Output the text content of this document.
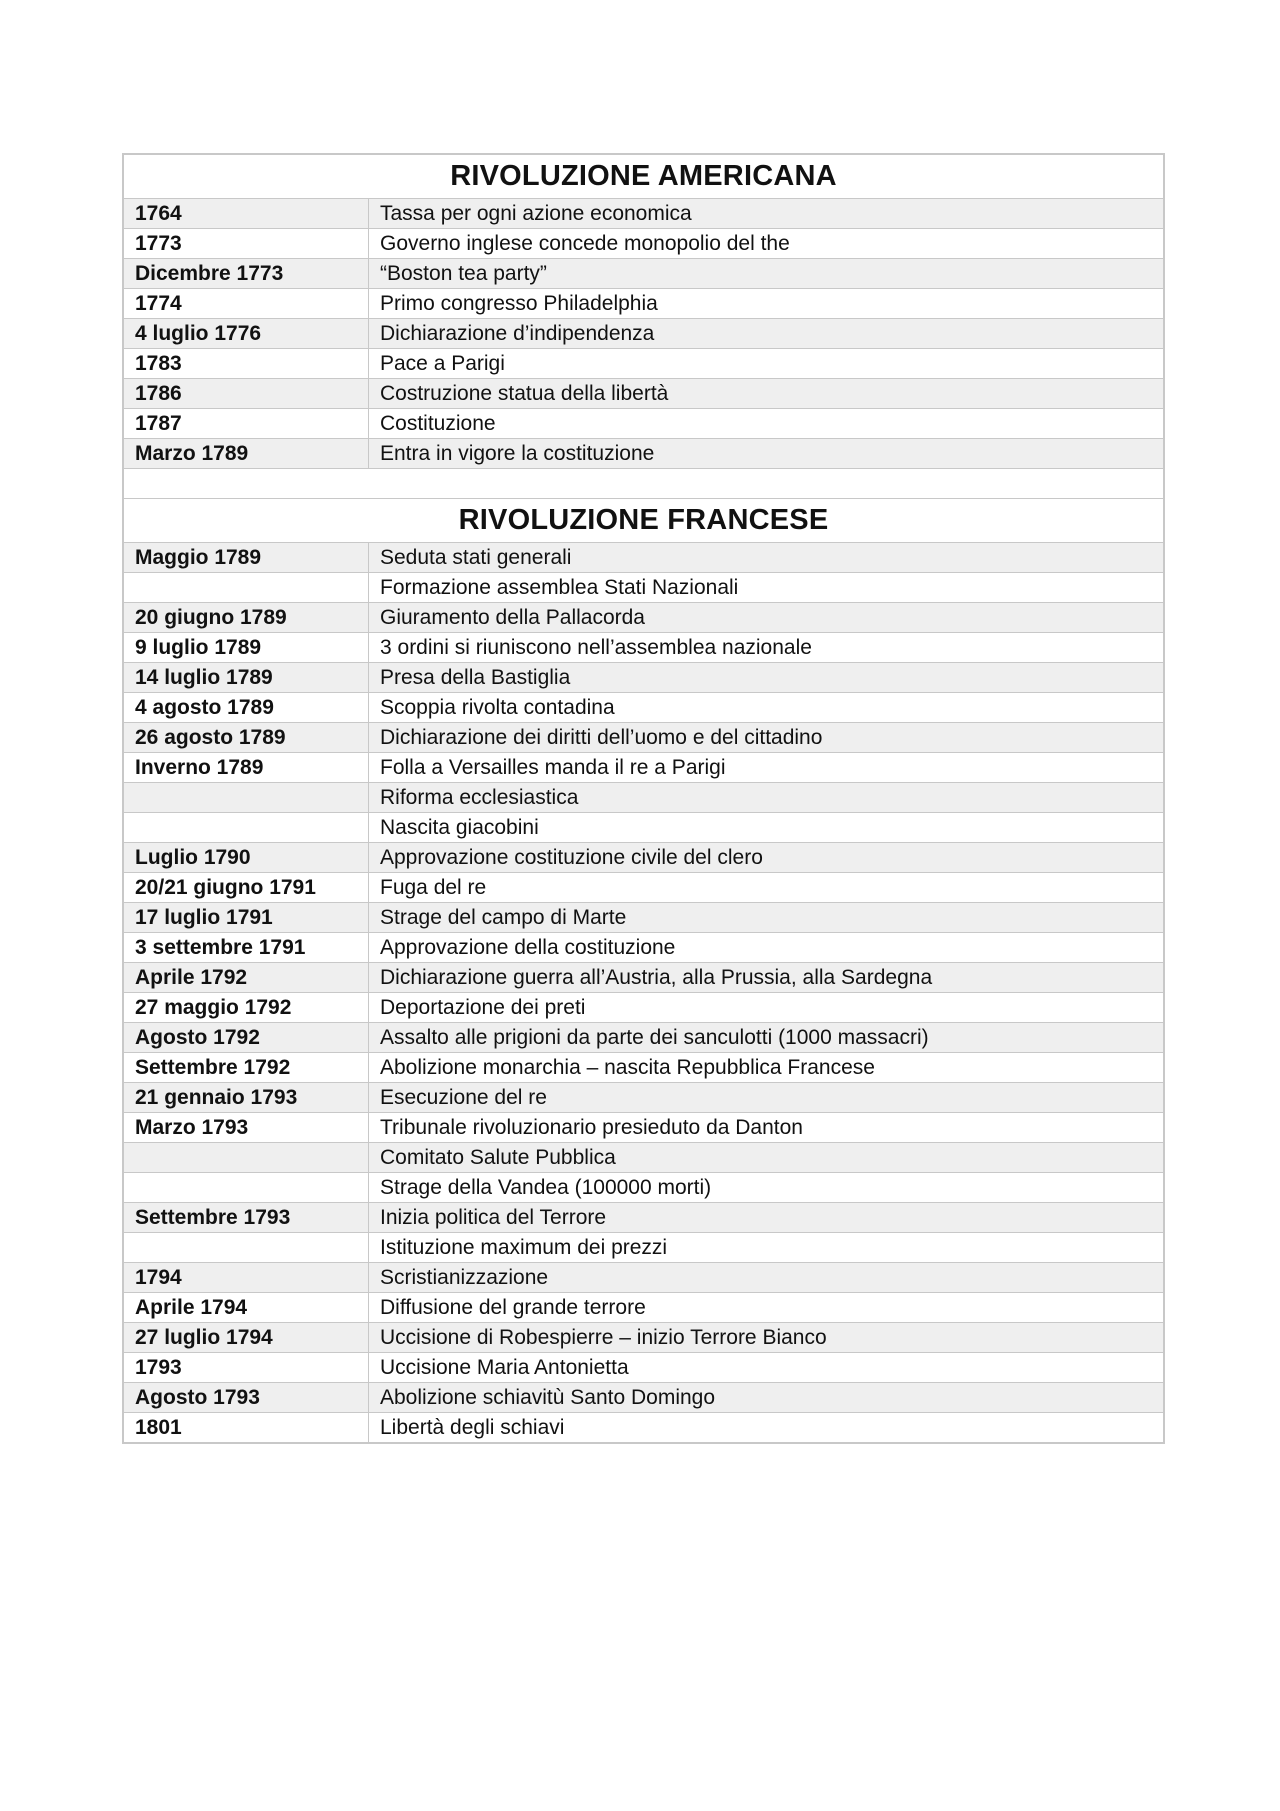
RIVOLUZIONE AMERICANA	
1764	Tassa per ogni azione economica
1773	Governo inglese concede monopolio del the
Dicembre 1773	“Boston tea party”
1774	Primo congresso Philadelphia
4 luglio 1776	Dichiarazione d’indipendenza
1783	Pace a Parigi
1786	Costruzione statua della libertà
1787	Costituzione
Marzo 1789	Entra in vigore la costituzione

RIVOLUZIONE FRANCESE	
Maggio 1789	Seduta stati generali
	Formazione assemblea Stati Nazionali
20 giugno 1789	Giuramento della Pallacorda
9 luglio 1789	3 ordini si riuniscono nell’assemblea nazionale
14 luglio 1789	Presa della Bastiglia
4 agosto 1789	Scoppia rivolta contadina
26 agosto 1789	Dichiarazione dei diritti dell’uomo e del cittadino
Inverno 1789	Folla a Versailles manda il re a Parigi
	Riforma ecclesiastica
	Nascita giacobini
Luglio 1790	Approvazione costituzione civile del clero
20/21 giugno 1791	Fuga del re
17 luglio 1791	Strage del campo di Marte
3 settembre 1791	Approvazione della costituzione
Aprile 1792	Dichiarazione guerra all’Austria, alla Prussia, alla Sardegna
27 maggio 1792	Deportazione dei preti
Agosto 1792	Assalto alle prigioni da parte dei sanculotti (1000 massacri)
Settembre 1792	Abolizione monarchia – nascita Repubblica Francese
21 gennaio 1793	Esecuzione del re
Marzo 1793	Tribunale rivoluzionario presieduto da Danton
	Comitato Salute Pubblica
	Strage della Vandea (100000 morti)
Settembre 1793	Inizia politica del Terrore
	Istituzione maximum dei prezzi
1794	Scristianizzazione
Aprile 1794	Diffusione del grande terrore
27 luglio 1794	Uccisione di Robespierre – inizio Terrore Bianco
1793	Uccisione Maria Antonietta
Agosto 1793	Abolizione schiavitù Santo Domingo
1801	Libertà degli schiavi
